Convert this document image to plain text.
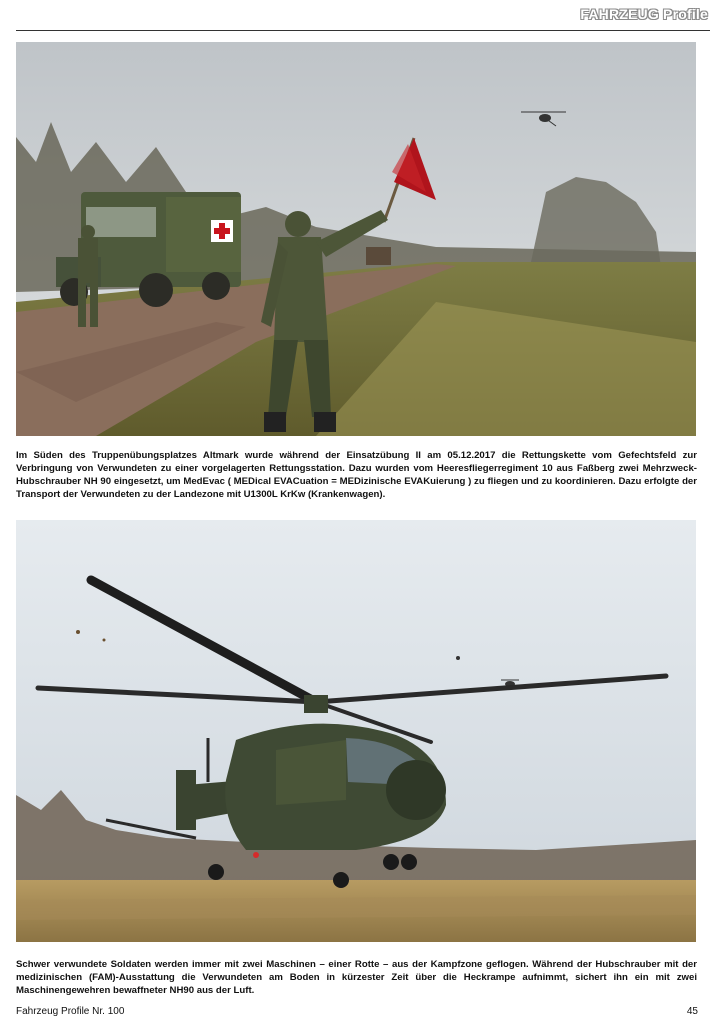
FAHRZEUG Profile
Im Süden des Truppenübungsplatzes Altmark wurde während der Einsatzübung II am 05.12.2017 die Rettungskette vom Gefechtsfeld zur Verbringung von Verwundeten zu einer vorgelagerten Rettungsstation. Dazu wurden vom Heeresfliegerregiment 10 aus Faßberg zwei Mehrzweck-Hubschrauber NH 90 eingesetzt, um MedEvac ( MEDical EVACuation = MEDizinische EVAKuierung ) zu fliegen und zu koordinieren. Dazu erfolgte der Transport der Verwundeten zu der Landezone mit U1300L KrKw (Krankenwagen).
Schwer verwundete Soldaten werden immer mit zwei Maschinen – einer Rotte – aus der Kampfzone geflogen. Während der Hubschrauber mit der medizinischen (FAM)-Ausstattung die Verwundeten am Boden in kürzester Zeit über die Heckrampe aufnimmt, sichert ihn ein mit zwei Maschinengewehren bewaffneter NH90 aus der Luft.
Fahrzeug Profile Nr. 100	45
